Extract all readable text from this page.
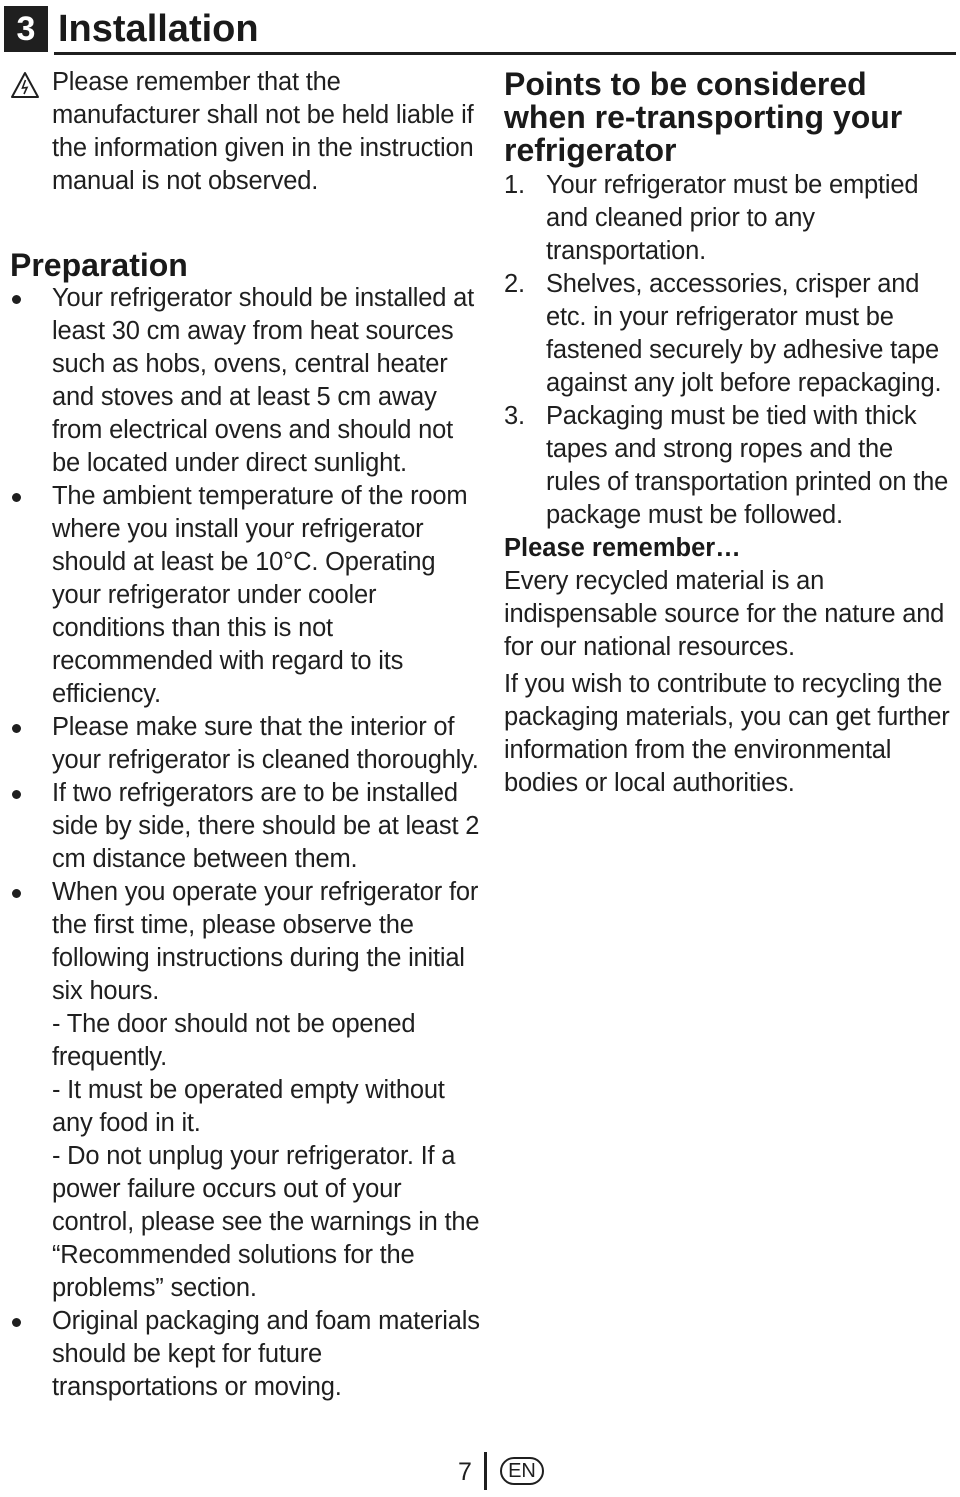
3 Installation
Please remember that the manufacturer shall not be held liable if the information given in the instruction manual is not observed.
Preparation
Your refrigerator should be installed at least 30 cm away from heat sources such as hobs, ovens, central heater and stoves and at least 5 cm away from electrical ovens and should not be located under direct sunlight.
The ambient temperature of the room where you install your refrigerator should at least be 10°C. Operating your refrigerator under cooler conditions than this is not recommended with regard to its efficiency.
Please make sure that the interior of your refrigerator is cleaned thoroughly.
If two refrigerators are to be installed side by side, there should be at least 2 cm distance between them.
When you operate your refrigerator for the first time, please observe the following instructions during the initial six hours.
- The door should not be opened frequently.
- It must be operated empty without any food in it.
- Do not unplug your refrigerator. If a power failure occurs out of your control, please see the warnings in the “Recommended solutions for the problems” section.
Original packaging and foam materials should be kept for future transportations or moving.
Points to be considered when re-transporting your refrigerator
1. Your refrigerator must be emptied and cleaned prior to any transportation.
2. Shelves, accessories, crisper and etc. in your refrigerator must be fastened securely by adhesive tape against any jolt before repackaging.
3. Packaging must be tied with thick tapes and strong ropes and the rules of transportation printed on the package must be followed.
Please remember…

Every recycled material is an indispensable source for the nature and for our national resources.

If you wish to contribute to recycling the packaging materials, you can get further information from the environmental bodies or local authorities.

7	EN
